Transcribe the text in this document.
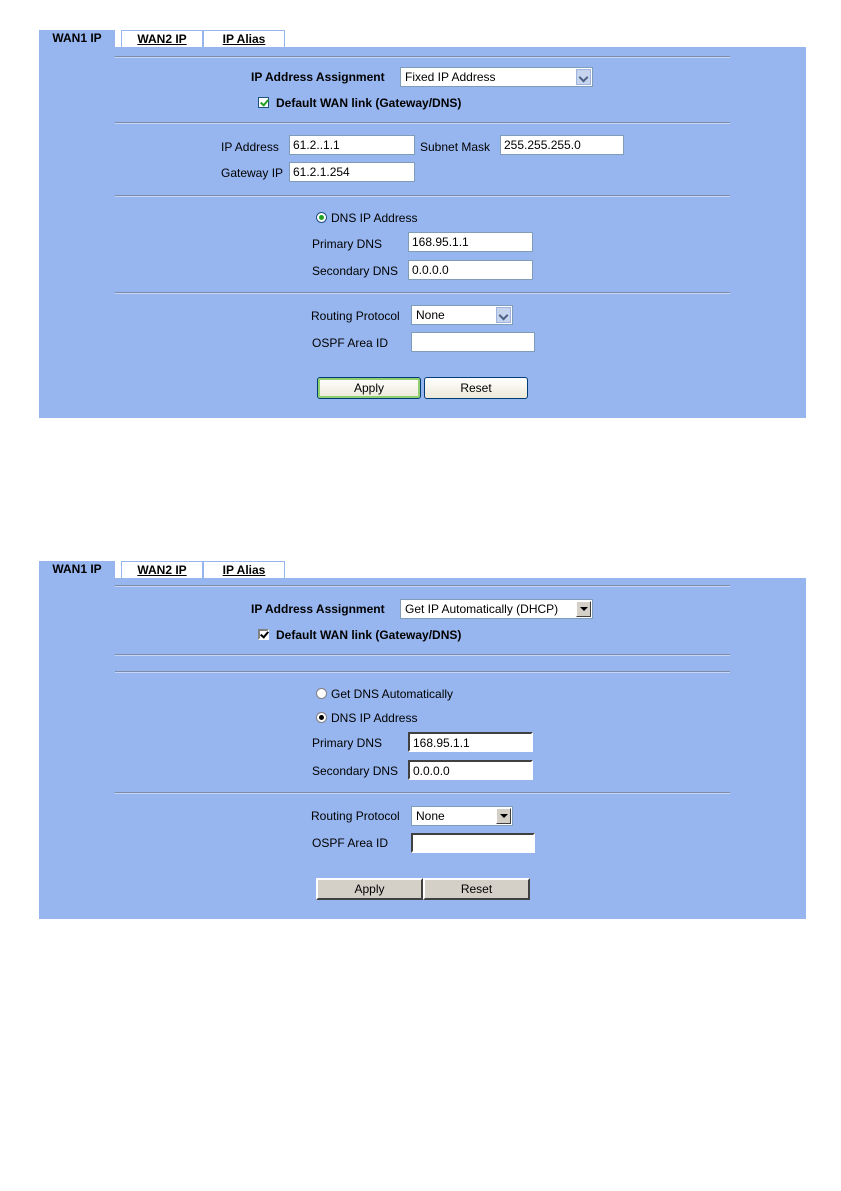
WAN1 IP	WAN2 IP	IP Alias
IP Address Assignment	Fixed IP Address
Default WAN link (Gateway/DNS)
IP Address	61.2..1.1	Subnet Mask	255.255.255.0
Gateway IP 61.2.1.254
DNS IP Address
Primary DNS	168.95.1.1
Secondary DNS	0.0.0.0
Routing Protocol	None
OSPF Area ID
Apply	Reset
WAN1 IP	WAN2 IP	IP Alias
IP Address Assignment	Get IP Automatically (DHCP)
Default WAN link (Gateway/DNS)
Get DNS Automatically
DNS IP Address
Primary DNS	168.95.1.1
Secondary DNS	0.0.0.0
Routing Protocol	None
OSPF Area ID
Apply	Reset
